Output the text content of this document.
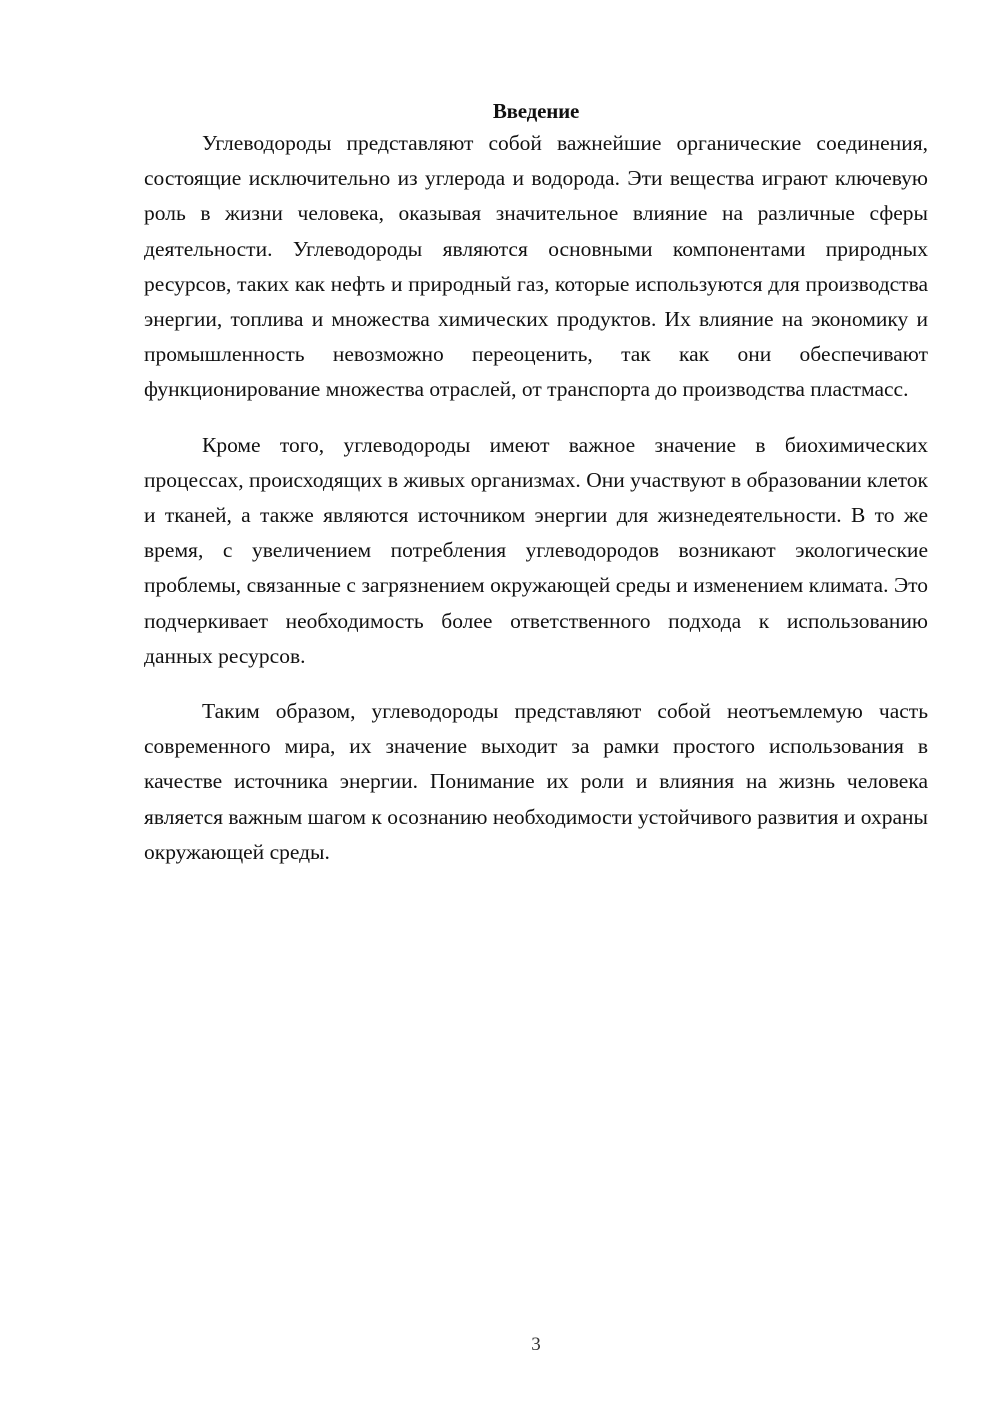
Введение

Углеводороды представляют собой важнейшие органические соединения, состоящие исключительно из углерода и водорода. Эти вещества играют ключевую роль в жизни человека, оказывая значительное влияние на различные сферы деятельности. Углеводороды являются основными компонентами природных ресурсов, таких как нефть и природный газ, которые используются для производства энергии, топлива и множества химических продуктов. Их влияние на экономику и промышленность невозможно переоценить, так как они обеспечивают функционирование множества отраслей, от транспорта до производства пластмасс.

Кроме того, углеводороды имеют важное значение в биохимических процессах, происходящих в живых организмах. Они участвуют в образовании клеток и тканей, а также являются источником энергии для жизнедеятельности. В то же время, с увеличением потребления углеводородов возникают экологические проблемы, связанные с загрязнением окружающей среды и изменением климата. Это подчеркивает необходимость более ответственного подхода к использованию данных ресурсов.

Таким образом, углеводороды представляют собой неотъемлемую часть современного мира, их значение выходит за рамки простого использования в качестве источника энергии. Понимание их роли и влияния на жизнь человека является важным шагом к осознанию необходимости устойчивого развития и охраны окружающей среды.

3
